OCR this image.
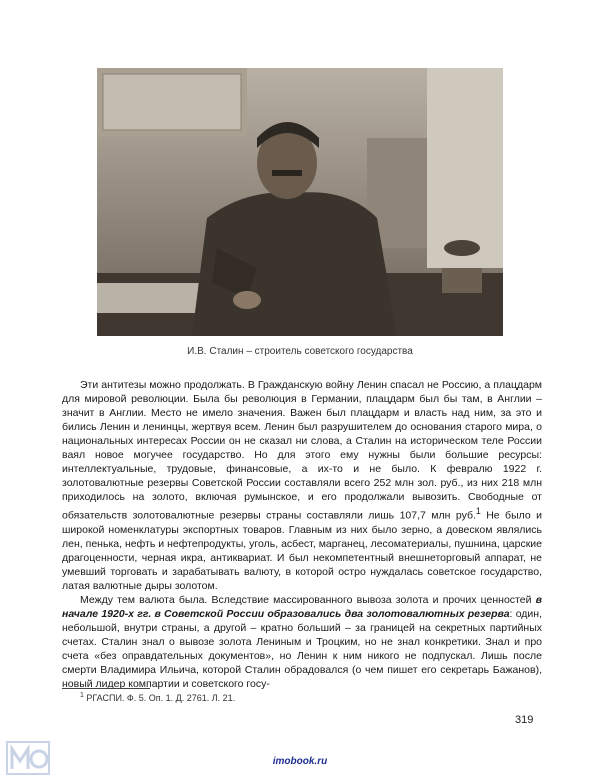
И.В. Сталин – строитель советского государства

Эти антитезы можно продолжать. В Гражданскую войну Ленин спасал не Россию, а плацдарм для мировой революции. Была бы революция в Германии, плацдарм был бы там, в Англии – значит в Англии. Место не имело значения. Важен был плацдарм и власть над ним, за это и бились Ленин и ленинцы, жертвуя всем. Ленин был разрушителем до основания старого мира, о национальных интересах России он не сказал ни слова, а Сталин на историческом теле России ваял новое могучее государство. Но для этого ему нужны были большие ресурсы: интеллектуальные, трудовые, финансовые, а их-то и не было. К февралю 1922 г. золотовалютные резервы Советской России составляли всего 252 млн зол. руб., из них 218 млн приходилось на золото, включая румынское, и его продолжали вывозить. Свободные от обязательств золотовалютные резервы страны составляли лишь 107,7 млн руб.$^1$ Не было и широкой номенклатуры экспортных товаров. Главным из них было зерно, а довеском являлись лен, пенька, нефть и нефтепродукты, уголь, асбест, марганец, лесоматериалы, пушнина, царские драгоценности, черная икра, антиквариат. И был некомпетентный внешнеторговый аппарат, не умевший торговать и зарабатывать валюту, в которой остро нуждалась советское государство, латая валютные дыры золотом.

Между тем валюта была. Вследствие массированного вывоза золота и прочих ценностей в начале 1920-х гг. в Советской России образовались два золотовалютных резерва: один, небольшой, внутри страны, а другой – кратно больший – за границей на секретных партийных счетах. Сталин знал о вывозе золота Лениным и Троцким, но не знал конкретики. Знал и про счета «без оправдательных документов», но Ленин к ним никого не подпускал. Лишь после смерти Владимира Ильича, которой Сталин обрадовался (о чем пишет его секретарь Бажанов), новый лидер компартии и советского госу-

$^1$ РГАСПИ. Ф. 5. Оп. 1. Д. 2761. Л. 21.
319
imobook.ru
